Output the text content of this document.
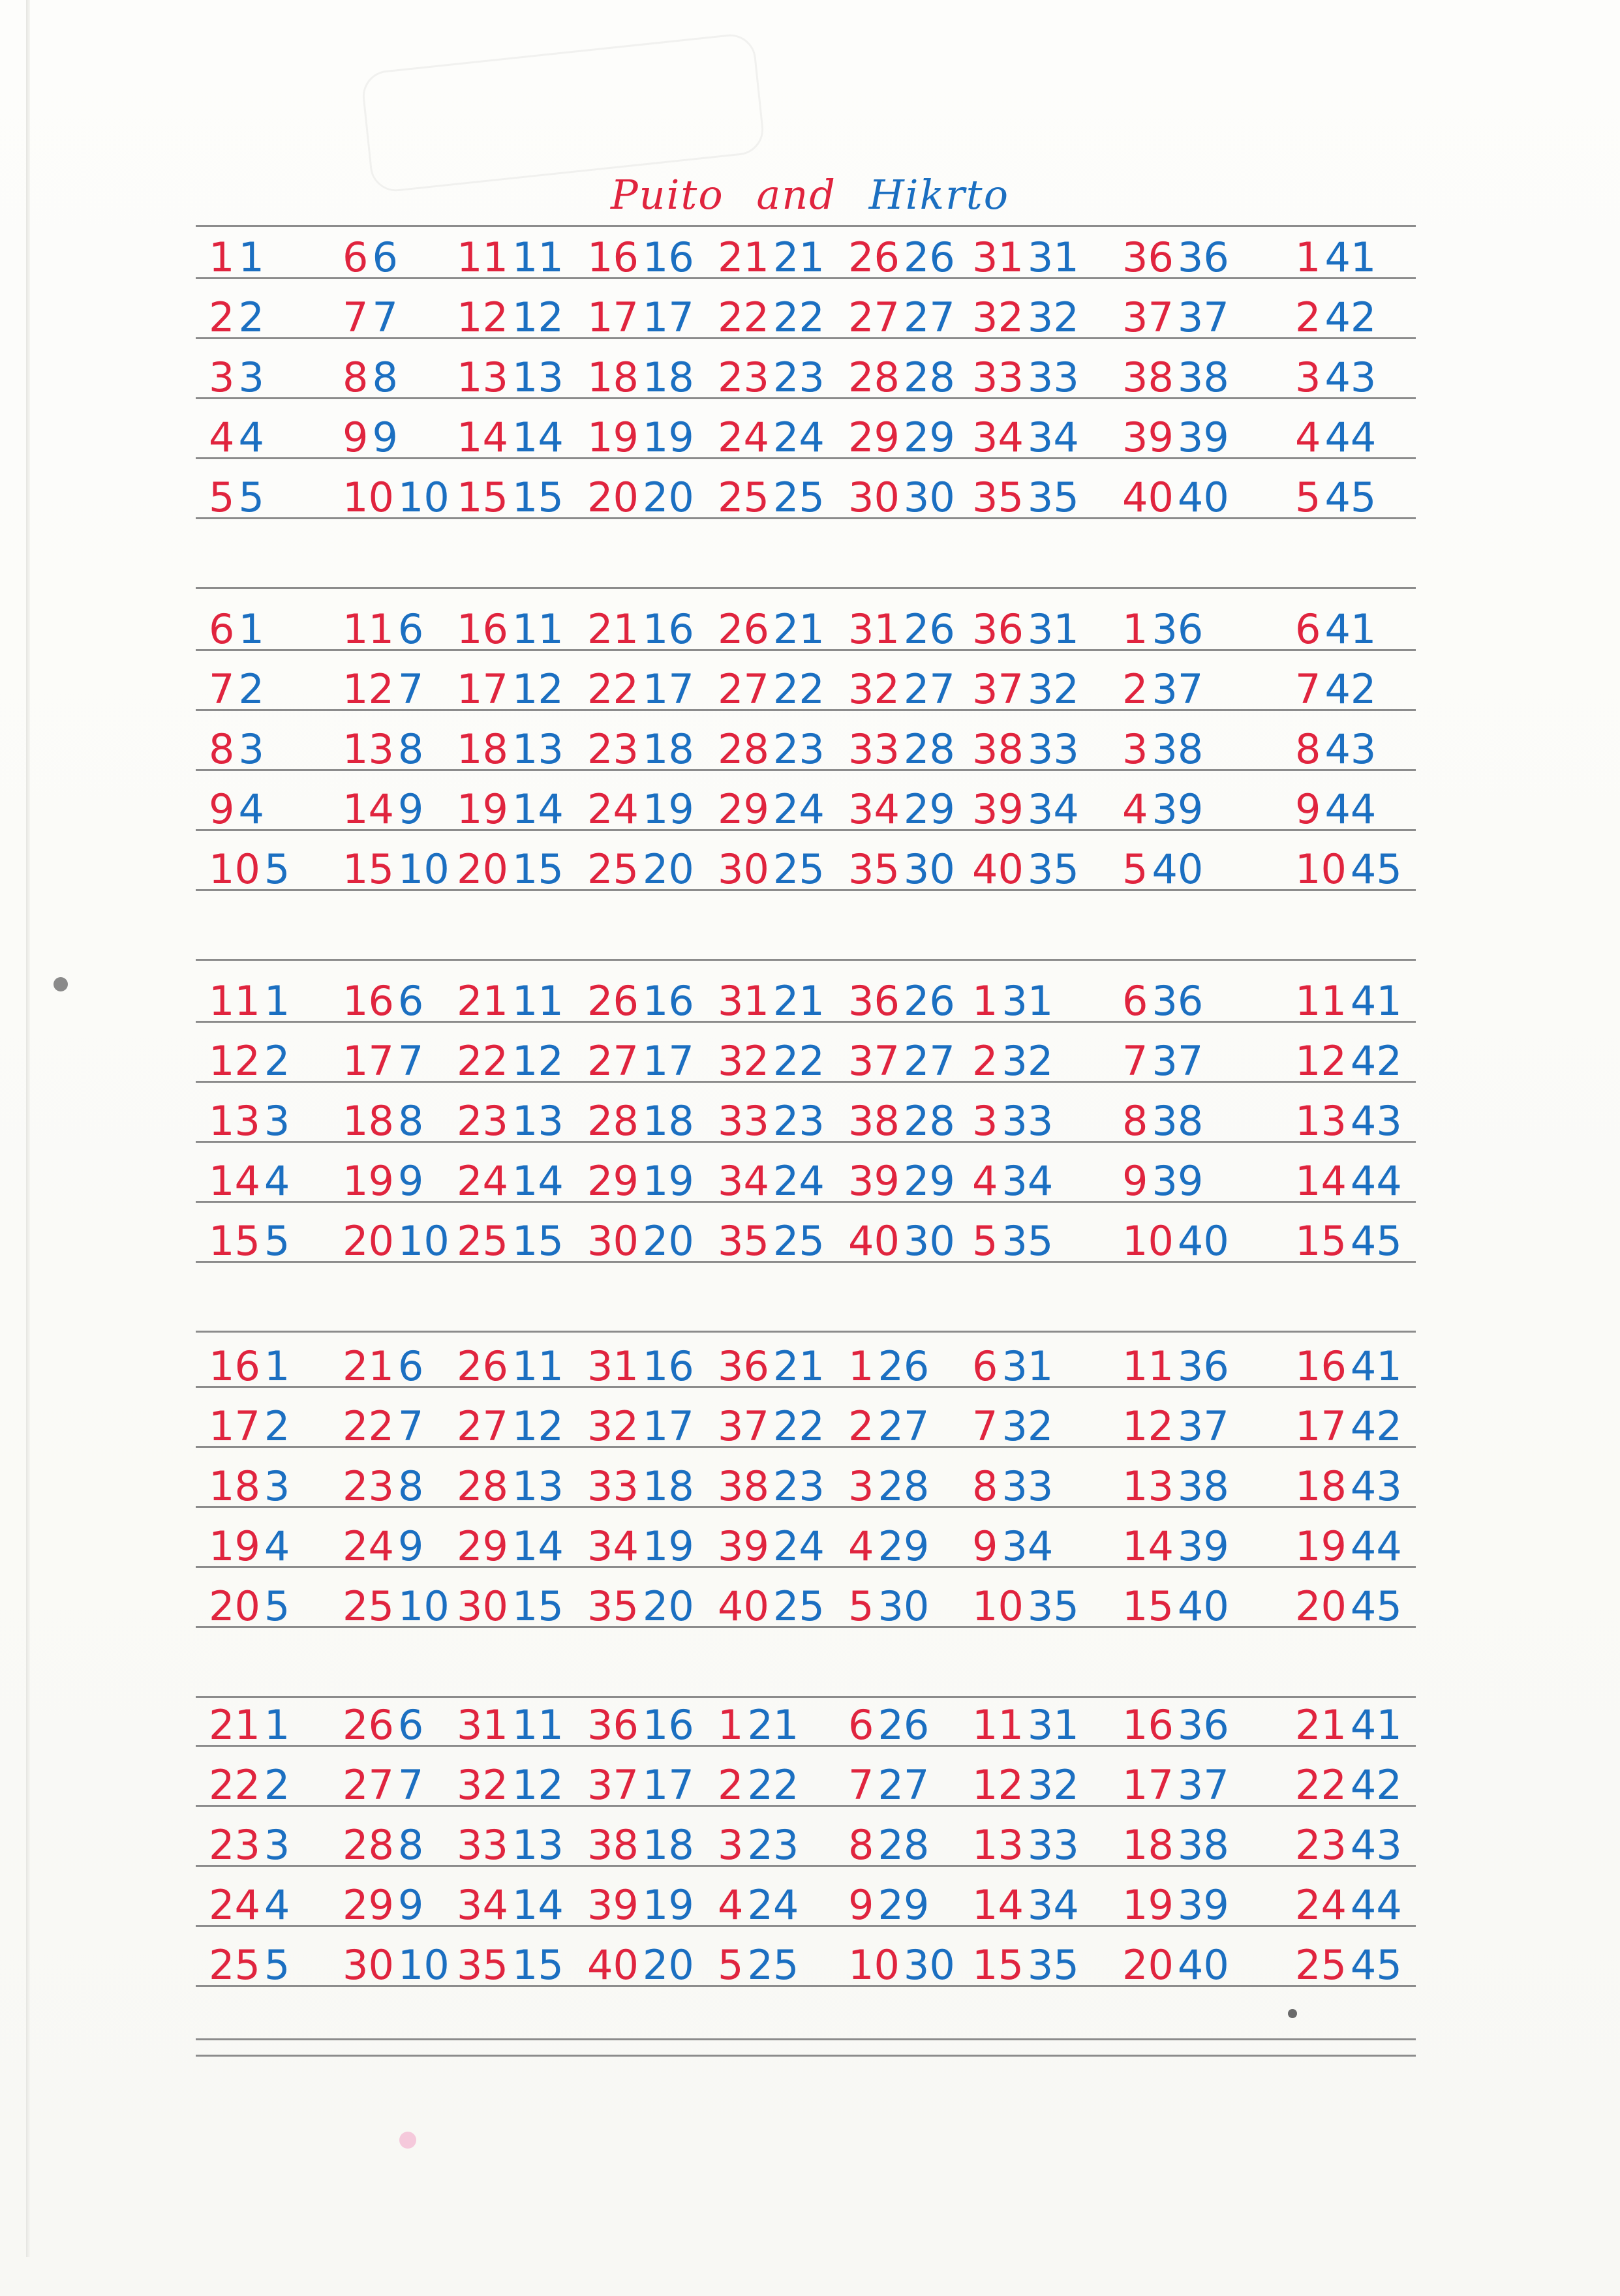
Puito and Hikrto
11 66 1111 1616 2121 2626 3131 3636 141
22 77 1212 1717 2222 2727 3232 3737 242
33 88 1313 1818 2323 2828 3333 3838 343
44 99 1414 1919 2424 2929 3434 3939 444
55 1010 1515 2020 2525 3030 3535 4040 545
61 116 1611 2116 2621 3126 3631 136 641
72 127 1712 2217 2722 3227 3732 237 742
83 138 1813 2318 2823 3328 3833 338 843
94 149 1914 2419 2924 3429 3934 439 944
105 1510 2015 2520 3025 3530 4035 540 1045
111 166 2111 2616 3121 3626 131 636 1141
122 177 2212 2717 3222 3727 232 737 1242
133 188 2313 2818 3323 3828 333 838 1343
144 199 2414 2919 3424 3929 434 939 1444
155 2010 2515 3020 3525 4030 535 1040 1545
161 216 2611 3116 3621 126 631 1136 1641
172 227 2712 3217 3722 227 732 1237 1742
183 238 2813 3318 3823 328 833 1338 1843
194 249 2914 3419 3924 429 934 1439 1944
205 2510 3015 3520 4025 530 1035 1540 2045
211 266 3111 3616 121 626 1131 1636 2141
222 277 3212 3717 222 727 1232 1737 2242
233 288 3313 3818 323 828 1333 1838 2343
244 299 3414 3919 424 929 1434 1939 2444
255 3010 3515 4020 525 1030 1535 2040 2545
